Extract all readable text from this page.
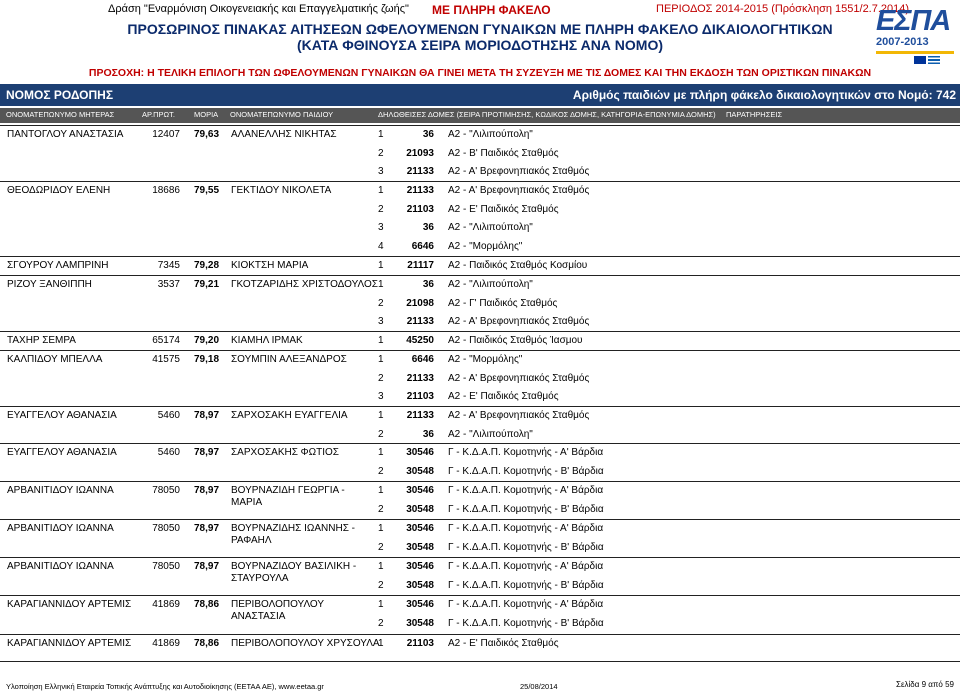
Δράση "Εναρμόνιση Οικογενειακής και Επαγγελματικής ζωής" ΜΕ ΠΛΗΡΗ ΦΑΚΕΛΟ	ΠΕΡΙΟΔΟΣ 2014-2015 (Πρόσκληση 1551/2.7.2014)
ΕΣΠΑ
2007-2013
ΠΡΟΣΩΡΙΝΟΣ ΠΙΝΑΚΑΣ ΑΙΤΗΣΕΩΝ ΩΦΕΛΟΥΜΕΝΩΝ ΓΥΝΑΙΚΩΝ ΜΕ ΠΛΗΡΗ ΦΑΚΕΛΟ ΔΙΚΑΙΟΛΟΓΗΤΙΚΩΝ
(ΚΑΤΑ ΦΘΙΝΟΥΣΑ ΣΕΙΡΑ ΜΟΡΙΟΔΟΤΗΣΗΣ ΑΝΑ ΝΟΜΟ)
ΠΡΟΣΟΧΗ: Η ΤΕΛΙΚΗ ΕΠΙΛΟΓΗ ΤΩΝ ΩΦΕΛΟΥΜΕΝΩΝ ΓΥΝΑΙΚΩΝ ΘΑ ΓΙΝΕΙ ΜΕΤΑ ΤΗ ΣΥΖΕΥΞΗ ΜΕ ΤΙΣ ΔΟΜΕΣ ΚΑΙ ΤΗΝ ΕΚΔΟΣΗ ΤΩΝ ΟΡΙΣΤΙΚΩΝ ΠΙΝΑΚΩΝ
ΝΟΜΟΣ ΡΟΔΟΠΗΣ	Αριθμός παιδιών με πλήρη φάκελο δικαιολογητικών στο Νομό: 742
ΟΝΟΜΑΤΕΠΩΝΥΜΟ ΜΗΤΕΡΑΣ	ΑΡ.ΠΡΩΤ.	ΜΟΡΙΑ ΟΝΟΜΑΤΕΠΩΝΥΜΟ ΠΑΙΔΙΟΥ	ΔΗΛΩΘΕΙΣΕΣ ΔΟΜΕΣ (ΣΕΙΡΑ ΠΡΟΤΙΜΗΣΗΣ, ΚΩΔΙΚΟΣ ΔΟΜΗΣ, ΚΑΤΗΓΟΡΙΑ-ΕΠΩΝΥΜΙΑ ΔΟΜΗΣ) ΠΑΡΑΤΗΡΗΣΕΙΣ
ΠΑΝΤΟΓΛΟΥ ΑΝΑΣΤΑΣΙΑ	12407 79,63 ΑΛΑΝΕΛΛΗΣ ΝΙΚΗΤΑΣ	1	36 Α2 - "Λιλιπούπολη"
2	21093 Α2 - Β' Παιδικός Σταθμός
3	21133 Α2 - Α' Βρεφονηπιακός Σταθμός
ΘΕΟΔΩΡΙΔΟΥ ΕΛΕΝΗ	18686 79,55 ΓΕΚΤΙΔΟΥ ΝΙΚΟΛΕΤΑ	1	21133 Α2 - Α' Βρεφονηπιακός Σταθμός
2	21103 Α2 - Ε' Παιδικός Σταθμός
3	36 Α2 - "Λιλιπούπολη"
4	6646 Α2 - "Μορμόλης"
ΣΓΟΥΡΟΥ ΛΑΜΠΡΙΝΗ	7345 79,28 ΚΙΟΚΤΣΗ ΜΑΡΙΑ	1	21117 Α2 - Παιδικός Σταθμός Κοσμίου
ΡΙΖΟΥ ΞΑΝΘΙΠΠΗ	3537 79,21 ΓΚΟΤΖΑΡΙΔΗΣ ΧΡΙΣΤΟΔΟΥΛΟΣ 1	36 Α2 - "Λιλιπούπολη"
2	21098 Α2 - Γ' Παιδικός Σταθμός
3	21133 Α2 - Α' Βρεφονηπιακός Σταθμός
ΤΑΧΗΡ ΣΕΜΡΑ	65174 79,20 ΚΙΑΜΗΛ ΙΡΜΑΚ	1	45250 Α2 - Παιδικός Σταθμός Ίασμου
ΚΑΛΠΙΔΟΥ ΜΠΕΛΛΑ	41575 79,18 ΣΟΥΜΠΙΝ ΑΛΕΞΑΝΔΡΟΣ	1	6646 Α2 - "Μορμόλης"
2	21133 Α2 - Α' Βρεφονηπιακός Σταθμός
3	21103 Α2 - Ε' Παιδικός Σταθμός
ΕΥΑΓΓΕΛΟΥ ΑΘΑΝΑΣΙΑ	5460 78,97 ΣΑΡΧΟΣΑΚΗ ΕΥΑΓΓΕΛΙΑ	1	21133 Α2 - Α' Βρεφονηπιακός Σταθμός
2	36 Α2 - "Λιλιπούπολη"
ΕΥΑΓΓΕΛΟΥ ΑΘΑΝΑΣΙΑ	5460 78,97 ΣΑΡΧΟΣΑΚΗΣ ΦΩΤΙΟΣ	1	30546 Γ - Κ.Δ.Α.Π. Κομοτηνής - Α' Βάρδια
2	30548 Γ - Κ.Δ.Α.Π. Κομοτηνής - Β' Βάρδια
ΑΡΒΑΝΙΤΙΔΟΥ ΙΩΑΝΝΑ	78050 78,97 ΒΟΥΡΝΑΖΙΔΗ ΓΕΩΡΓΙΑ -
ΜΑΡΙΑ
1	30546 Γ - Κ.Δ.Α.Π. Κομοτηνής - Α' Βάρδια
2	30548 Γ - Κ.Δ.Α.Π. Κομοτηνής - Β' Βάρδια
ΑΡΒΑΝΙΤΙΔΟΥ ΙΩΑΝΝΑ	78050 78,97 ΒΟΥΡΝΑΖΙΔΗΣ ΙΩΑΝΝΗΣ -
ΡΑΦΑΗΛ
1	30546 Γ - Κ.Δ.Α.Π. Κομοτηνής - Α' Βάρδια
2	30548 Γ - Κ.Δ.Α.Π. Κομοτηνής - Β' Βάρδια
ΑΡΒΑΝΙΤΙΔΟΥ ΙΩΑΝΝΑ	78050 78,97 ΒΟΥΡΝΑΖΙΔΟΥ ΒΑΣΙΛΙΚΗ -
ΣΤΑΥΡΟΥΛΑ
1	30546 Γ - Κ.Δ.Α.Π. Κομοτηνής - Α' Βάρδια
2	30548 Γ - Κ.Δ.Α.Π. Κομοτηνής - Β' Βάρδια
ΚΑΡΑΓΙΑΝΝΙΔΟΥ ΑΡΤΕΜΙΣ	41869 78,86 ΠΕΡΙΒΟΛΟΠΟΥΛΟΥ
ΑΝΑΣΤΑΣΙΑ
1	30546 Γ - Κ.Δ.Α.Π. Κομοτηνής - Α' Βάρδια
2	30548 Γ - Κ.Δ.Α.Π. Κομοτηνής - Β' Βάρδια
ΚΑΡΑΓΙΑΝΝΙΔΟΥ ΑΡΤΕΜΙΣ	41869 78,86 ΠΕΡΙΒΟΛΟΠΟΥΛΟΥ ΧΡΥΣΟΥΛΑ
1	21103 Α2 - Ε' Παιδικός Σταθμός
Υλοποίηση Ελληνική Εταιρεία Τοπικής Ανάπτυξης και Αυτοδιοίκησης (ΕΕΤΑΑ ΑΕ), www.eetaa.gr	25/08/2014	Σελίδα 9 από 59
